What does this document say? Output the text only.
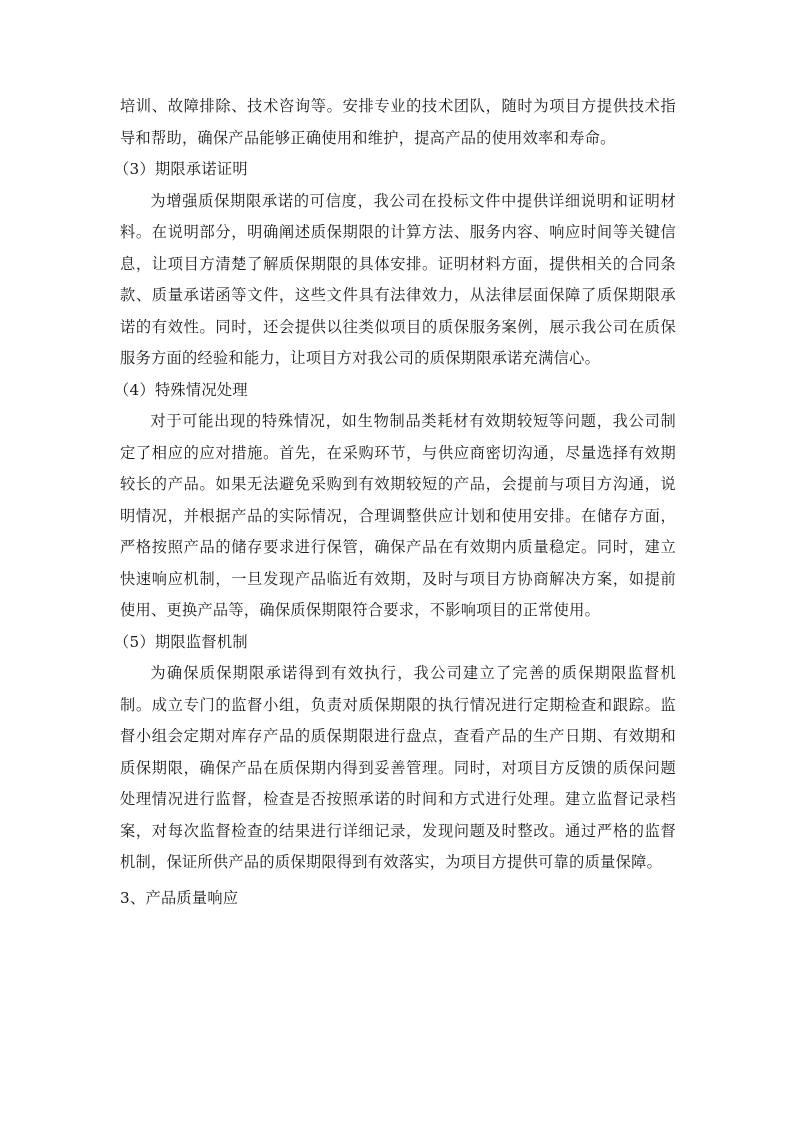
培训、故障排除、技术咨询等。安排专业的技术团队，随时为项目方提供技术指导和帮助，确保产品能够正确使用和维护，提高产品的使用效率和寿命。

（3）期限承诺证明

为增强质保期限承诺的可信度，我公司在投标文件中提供详细说明和证明材料。在说明部分，明确阐述质保期限的计算方法、服务内容、响应时间等关键信息，让项目方清楚了解质保期限的具体安排。证明材料方面，提供相关的合同条款、质量承诺函等文件，这些文件具有法律效力，从法律层面保障了质保期限承诺的有效性。同时，还会提供以往类似项目的质保服务案例，展示我公司在质保服务方面的经验和能力，让项目方对我公司的质保期限承诺充满信心。

（4）特殊情况处理

对于可能出现的特殊情况，如生物制品类耗材有效期较短等问题，我公司制定了相应的应对措施。首先，在采购环节，与供应商密切沟通，尽量选择有效期较长的产品。如果无法避免采购到有效期较短的产品，会提前与项目方沟通，说明情况，并根据产品的实际情况，合理调整供应计划和使用安排。在储存方面，严格按照产品的储存要求进行保管，确保产品在有效期内质量稳定。同时，建立快速响应机制，一旦发现产品临近有效期，及时与项目方协商解决方案，如提前使用、更换产品等，确保质保期限符合要求，不影响项目的正常使用。

（5）期限监督机制

为确保质保期限承诺得到有效执行，我公司建立了完善的质保期限监督机制。成立专门的监督小组，负责对质保期限的执行情况进行定期检查和跟踪。监督小组会定期对库存产品的质保期限进行盘点，查看产品的生产日期、有效期和质保期限，确保产品在质保期内得到妥善管理。同时，对项目方反馈的质保问题处理情况进行监督，检查是否按照承诺的时间和方式进行处理。建立监督记录档案，对每次监督检查的结果进行详细记录，发现问题及时整改。通过严格的监督机制，保证所供产品的质保期限得到有效落实，为项目方提供可靠的质量保障。

3、产品质量响应
